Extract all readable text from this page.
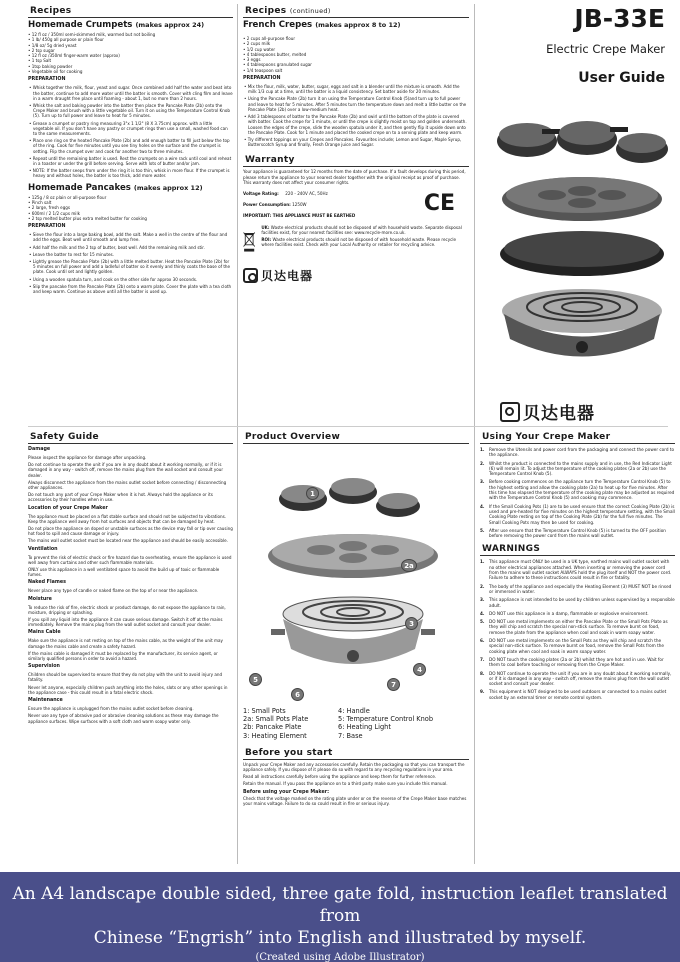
Recipes
Homemade Crumpets (makes approx 24)
• 12 fl oz / 350ml semi-skimmed milk, warmed but not boiling
• 1 lb/ 450g all purpose or plain flour
• 1/8 oz/ 5g dried yeast
• 2 tsp sugar
• 12 fl oz /350ml finger-warm water (approx)
• 1 tsp Salt
• 1tsp baking powder
• Vegetable oil for cooking
PREPARATION
• Whisk together the milk, flour, yeast and sugar. Once combined add half the water and beat into the batter, continue to add more water until the batter is smooth. Cover with cling film and leave in a warm draught free place until foaming - about 1, but no more than 2 hours.
• Whisk the salt and baking powder into the batter then place the Pancake Plate (2b) onto the Crepe Maker and brush with a little vegetable oil. Turn it on using the Temperature Control Knob (5). Turn up to full power and leave to heat for 5 minutes.
• Grease a crumpet or pastry ring measuring 3"x 1 1/2" (8 X 3.75cm) approx. with a little vegetable oil. If you don't have any pastry or crumpet rings then use a small, washed food can to the same measurements.
• Place one ring on the heated Pancake Plate (2b) and add enough batter to fill just below the top of the ring. Cook for five minutes until you see tiny holes on the surface and the crumpet is setting. Flip the crumpet over and cook for another two to three minutes.
• Repeat until the remaining batter is used. Rest the crumpets on a wire rack until cool and reheat in a toaster or under the grill before serving. Serve with lots of butter and/or jam.
• NOTE: If the batter seeps from under the ring it is too thin, whisk in more flour. If the crumpet is heavy and without holes, the batter is too thick, add more water.
Homemade Pancakes (makes approx 12)
• 125g / 8 oz plain or all-purpose flour
• Pinch salt
• 2 large, fresh eggs
• 600ml / 2 1/2 cups milk
• 2 tsp melted butter plus extra melted butter for cooking
PREPARATION
• Sieve the flour into a large baking bowl, add the salt. Make a well in the centre of the flour and add the eggs. Beat well until smooth and lump free.
• Add half the milk and the 2 tsp of butter, beat well. Add the remaining milk and stir.
• Leave the batter to rest for 15 minutes.
• Lightly grease the Pancake Plate (2b) with a little melted butter. Heat the Pancake Plate (2b) for 5 minutes on full power and add a ladleful of batter so it evenly and thinly coats the base of the plate. Cook until set and lightly golden.
• Using a wooden spatula turn, and cook on the other side for approx 30 seconds.
• Slip the pancake from the Pancake Plate (2b) onto a warm plate. Cover the plate with a tea cloth and keep warm. Continue as above until all the batter is used up.
Recipes (continued)
French Crepes (makes approx 8 to 12)
• 2 cups all-purpose flour
• 2 cups milk
• 1/2 cup water
• 4 tablespoons butter, melted
• 3 eggs
• 4 tablespoons granulated sugar
• 1/4 teaspoon salt
PREPARATION
• Mix the flour, milk, water, butter, sugar, eggs and salt in a blender until the mixture is smooth. Add the milk 1/3 cup at a time, until the batter is a liquid consistency. Set batter aside for 20 minutes.
• Using the Pancake Plate (2b) turn it on using the Temperature Control Knob (5)and turn up to full power and leave to heat for 5 minutes. After 5 minutes turn the temperature down and melt a little butter on the Pancake Plate (2b) over a low-medium heat.
• Add 3 tablespoons of batter to the Pancake Plate (2b) and swirl until the bottom of the plate is covered with batter. Cook the crepe for 1 minute, or until the crepe is slightly moist on top and golden underneath. Loosen the edges of the crepe, slide the wooden spatula under it, and then gently flip it upside down onto the Pancake Plate. Cook for 1 minute and placed the cooked crepe on to a serving plate and keep warm.
• Try different toppings on your Crepes and Pancakes. Favourites include; Lemon and Sugar, Maple Syrup, Butterscotch Syrup and finally, Fresh Orange juice and Sugar.
Warranty
Your appliance is guaranteed for 12 months from the date of purchase. If a fault develops during this period, please return the appliance to your nearest dealer together with the original receipt as proof of purchase. This warranty does not affect your consumer rights.
Voltage Rating: 220 - 240V AC, 50Hz
Power Consumption: 1250W
IMPORTANT: THIS APPLIANCE MUST BE EARTHED	CE
UK: Waste electrical products should not be disposed of with household waste. Separate disposal facilities exist, for your nearest facilities see: www.recycle-more.co.uk.
ROI: Waste electrical products should not be disposed of with household waste. Please recycle where facilities exist. Check with your Local Authority or retailer for recycling advice.
贝达电器
JB-33E
Electric Crepe Maker
User Guide
贝达电器
Safety Guide
Damage
Please inspect the appliance for damage after unpacking.
Do not continue to operate the unit if you are in any doubt about it working normally, or if it is damaged in any way - switch off, remove the mains plug from the wall socket and consult your dealer.
Always disconnect the appliance from the mains outlet socket before connecting / disconnecting other appliances.
Do not touch any part of your Crepe Maker when it is hot. Always hold the appliance or its accessories by their handles when in use.
Location of your Crepe Maker
The appliance must be placed on a flat stable surface and should not be subjected to vibrations. Keep the appliance well away from hot surfaces and objects that can be damaged by heat.
Do not place the appliance on doped or unstable surfaces as the device may fall or tip over causing hot food to spill and cause damage or injury.
The mains wall outlet socket must be located near the appliance and should be easily accessible.
Ventilation
To prevent the risk of electric shock or fire hazard due to overheating, ensure the appliance is used well away from curtains and other such flammable materials.
ONLY use this appliance in a well ventilated space to avoid the build up of toxic or flammable fumes.
Naked Flames
Never place any type of candle or naked flame on the top of or near the appliance.
Moisture
To reduce the risk of fire, electric shock or product damage, do not expose the appliance to rain, moisture, dripping or splashing.
If you spill any liquid into the appliance it can cause serious damage. Switch it off at the mains immediately. Remove the mains plug from the wall outlet socket and consult your dealer.
Mains Cable
Make sure the appliance is not resting on top of the mains cable, as the weight of the unit may damage the mains cable and create a safety hazard.
If the mains cable is damaged it must be replaced by the manufacturer, its service agent, or similarly qualified persons in order to avoid a hazard.
Supervision
Children should be supervised to ensure that they do not play with the unit to avoid injury and fatality.
Never let anyone, especially children push anything into the holes, slots or any other openings in the appliance case - this could result in a fatal electric shock.
Maintenance
Ensure the appliance is unplugged from the mains outlet socket before cleaning.
Never use any type of abrasive pad or abrasive cleaning solutions as these may damage the appliance surfaces. Wipe surfaces with a soft cloth and warm soapy water only.
Product Overview
1
2a
3
4
5
6
7
1: Small Pots	4: Handle
2a: Small Pots Plate	5: Temperature Control Knob
2b: Pancake Plate	6: Heating Light
3: Heating Element	7: Base
Before you start
Unpack your Crepe Maker and any accessories carefully. Retain the packaging so that you can transport the appliance safely. If you dispose of it please do so with regard to any recycling regulations in your area.
Read all instructions carefully before using the appliance and keep them for further reference.
Retain the manual. If you pass the appliance on to a third party make sure you include this manual.
Before using your Crepe Maker:
Check that the voltage marked on the rating plate under or on the reverse of the Crepe Maker base matches your mains voltage. Failure to do so could result in fire or serious injury.
Using Your Crepe Maker
1.	Remove the Utensils and power cord from the packaging and connect the power cord to the appliance.
2.	Whilst the product is connected to the mains supply and in use, the Red Indicator Light (6) will remain lit. To adjust the temperature of the cooking plates (2a or 2b) use the Temperature Control Knob (5).
3.	Before cooking commences on the appliance turn the Temperature Control Knob (5) to the highest setting and allow the cooking plate (2a) to heat up for five minutes. After this time has elapsed the temperature of the cooking plate may be adjusted as required with the Temperature Control Knob (5) and cooking may commence.
4.	If the Small Cooking Pots (1) are to be used ensure that the correct Cooking Plate (2b) is used and pre-heated for five minutes on the highest temperature setting, with the Small Cooking Plate resting on top of the Cooking Plate (2b) for the full five minutes. The Small Cooking Pots may then be used for cooking.
5.	After use ensure that the Temperature Control Knob (5) is turned to the OFF position before removing the power cord from the mains wall outlet.
WARNINGS
1.	This appliance must ONLY be used in a UK type, earthed mains wall outlet socket with no other electrical appliances attached. When inserting or removing the power cord from the mains wall outlet socket ALWAYS hold the plug itself and NOT the power cord. Failure to adhere to these instructions could result in fire or fatality.
2.	The body of the appliance and especially the Heating Element (3) MUST NOT be rinsed or immersed in water.
3.	This appliance is not intended to be used by children unless supervised by a responsible adult.
4.	DO NOT use this appliance in a damp, flammable or explosive environment.
5.	DO NOT use metal implements on either the Pancake Plate or the Small Pots Plate as they will chip and scratch the special non-stick surface. To remove burnt on food, remove the plate from the appliance when cool and soak in warm soapy water.
6.	DO NOT use metal implements on the Small Pots as they will chip and scratch the special non-stick surface. To remove burnt on food, remove the Small Pots from the cooking plate when cool and soak in warm soapy water.
7.	DO NOT touch the cooking plates (2a or 2b) whilst they are hot and in use. Wait for them to cool before touching or removing from the Crepe Maker.
8.	DO NOT continue to operate the unit if you are in any doubt about it working normally, or if it is damaged in any way - switch off, remove the mains plug from the wall outlet socket and consult your dealer.
9.	This equipment is NOT designed to be used outdoors or connected to a mains outlet socket by an external timer or remote control system.
An A4 landscape double sided, three gate fold, instruction leaflet translated from
Chinese “Engrish” into English and illustrated by myself.
(Created using Adobe Illustrator)
